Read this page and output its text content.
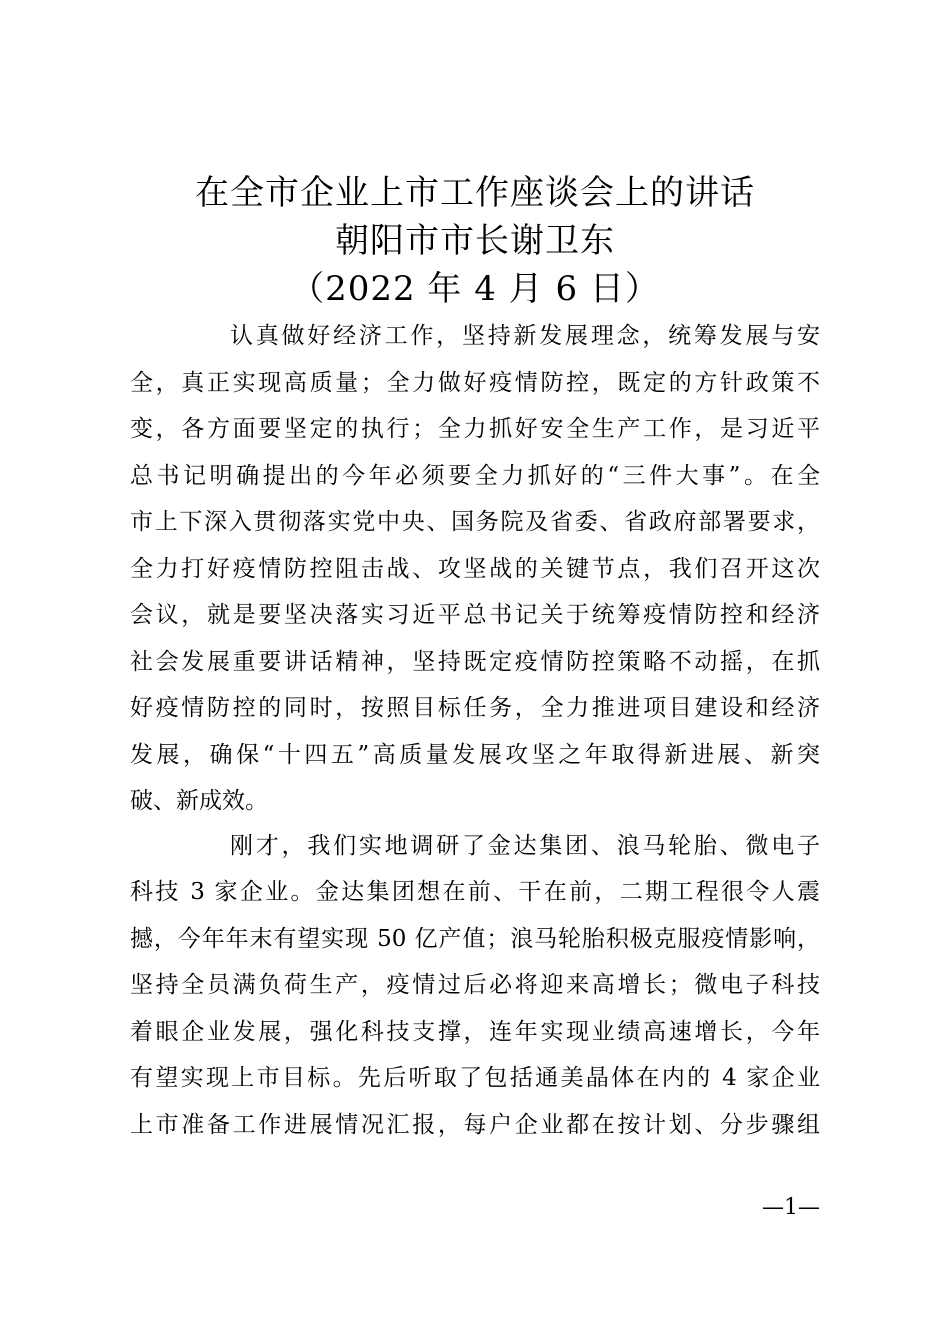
在全市企业上市工作座谈会上的讲话
朝阳市市长谢卫东
（2022 年 4 月 6 日）
认真做好经济工作，坚持新发展理念，统筹发展与安
全，真正实现高质量；全力做好疫情防控，既定的方针政策不
变，各方面要坚定的执行；全力抓好安全生产工作，是习近平
总书记明确提出的今年必须要全力抓好的“三件大事”。在全
市上下深入贯彻落实党中央、国务院及省委、省政府部署要求，
全力打好疫情防控阻击战、攻坚战的关键节点，我们召开这次
会议，就是要坚决落实习近平总书记关于统筹疫情防控和经济
社会发展重要讲话精神，坚持既定疫情防控策略不动摇，在抓
好疫情防控的同时，按照目标任务，全力推进项目建设和经济
发展，确保“十四五”高质量发展攻坚之年取得新进展、新突
破、新成效。
刚才，我们实地调研了金达集团、浪马轮胎、微电子
科技 3 家企业。金达集团想在前、干在前，二期工程很令人震
撼，今年年末有望实现 50 亿产值；浪马轮胎积极克服疫情影响，
坚持全员满负荷生产，疫情过后必将迎来高增长；微电子科技
着眼企业发展，强化科技支撑，连年实现业绩高速增长，今年
有望实现上市目标。先后听取了包括通美晶体在内的 4 家企业
上市准备工作进展情况汇报，每户企业都在按计划、分步骤组
—1—
